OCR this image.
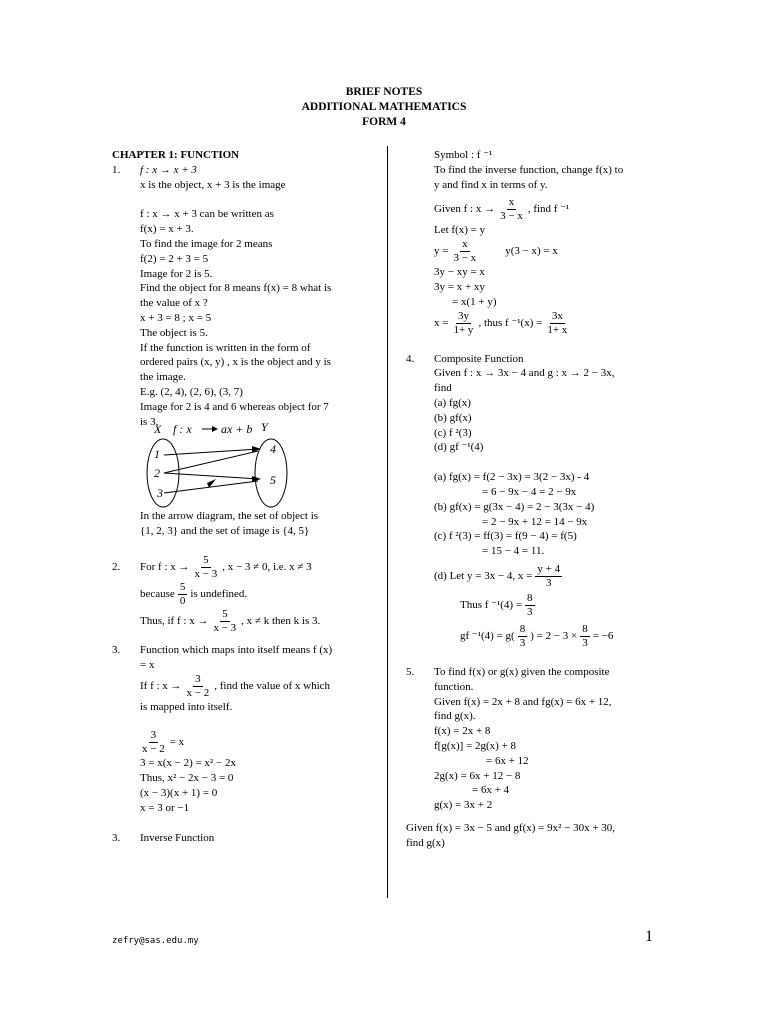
BRIEF NOTES
ADDITIONAL MATHEMATICS
FORM 4
CHAPTER 1: FUNCTION
1. f : x → x + 3
x is the object, x + 3 is the image
f : x → x + 3 can be written as
f(x) = x + 3.
To find the image for 2 means
f(2) = 2 + 3 = 5
Image for 2 is 5.
Find the object for 8 means f(x) = 8 what is
the value of x ?
x + 3 = 8 ; x = 5
The object is 5.
If the function is written in the form of
ordered pairs (x, y) , x is the object and y is
the image.
E.g. (2, 4), (2, 6), (3, 7)
Image for 2 is 4 and 6 whereas object for 7
is 3.
X f : x ax + b Y
1
2
3
4
5
In the arrow diagram, the set of object is
{1, 2, 3} and the set of image is {4, 5}
2.	For f : $x \to \frac{5}{x - 3}$ , x − 3 ≠ 0, i.e. x ≠ 3
because $\frac{5}{0}$ is undefined.
Thus, if f : $x \to \frac{5}{x - 3}$ , x ≠ k then k is 3.
3. Function which maps into itself means f (x)
= x
If f : $x \to \frac{3}{x - 2}$ , find the value of x which
is mapped into itself.
$\frac{3}{x - 2} = x$
3 = x(x − 2) = x² − 2x
Thus, x² − 2x − 3 = 0
(x − 3)(x + 1) = 0
x = 3 or −1
3. Inverse Function
Symbol : f ⁻¹
To find the inverse function, change f(x) to
y and find x in terms of y.
Given f : $x \to \frac{x}{3 - x}$ , find f ⁻¹
Let f(x) = y
$y = \frac{x}{3 - x} y(3 - x) = x$
3y − xy = x
3y = x + xy
= x(1 + y)
$x = \frac{3y}{1+ y}$ , thus f $^{-1}(x) = \frac{3x}{1+ x}$
4. Composite Function
Given f : x → 3x − 4 and g : x → 2 − 3x,
find
(a) fg(x)
(b) gf(x)
(c) f ²(3)
(d) gf ⁻¹(4)
(a) fg(x) = f(2 − 3x) = 3(2 − 3x) - 4
= 6 − 9x − 4 = 2 − 9x
(b) gf(x) = g(3x − 4) = 2 − 3(3x − 4)
= 2 − 9x + 12 = 14 − 9x
(c) f ²(3) = ff(3) = f(9 − 4) = f(5)
= 15 − 4 = 11.
(d) Let y = 3x − 4, $x = \frac{y + 4}{3}$
Thus f $^{-1}(4) = \frac{8}{3}$
gf $^{-1}(4) = g( \frac{8}{3}$ ) = $2 - 3 \times \frac{8}{3} = -6$
5. To find f(x) or g(x) given the composite
function.
Given f(x) = 2x + 8 and fg(x) = 6x + 12,
find g(x).
f(x) = 2x + 8
f[g(x)] = 2g(x) + 8
= 6x + 12
2g(x) = 6x + 12 − 8
= 6x + 4
g(x) = 3x + 2
Given f(x) = 3x − 5 and gf(x) = 9x² − 30x + 30,
find g(x)
zefry@sas.edu.my	1
